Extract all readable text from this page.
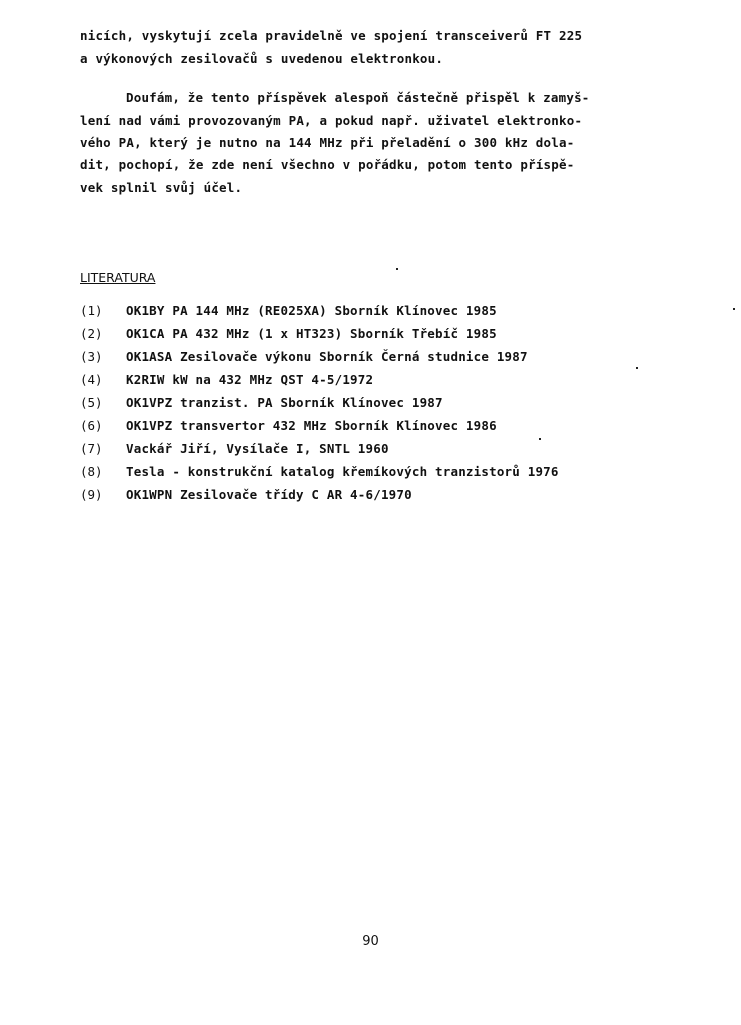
nicích, vyskytují zcela pravidelně ve spojení transceiverů FT 225
a výkonových zesilovačů s uvedenou elektronkou.
Doufám, že tento příspěvek alespoň částečně přispěl k zamyš-
lení nad vámi provozovaným PA, a pokud např. uživatel elektronko-
vého PA, který je nutno na 144 MHz při přeladění o 300 kHz dola-
dit, pochopí, že zde není všechno v pořádku, potom tento příspě-
vek splnil svůj účel.
LITERATURA
(1) OK1BY PA 144 MHz (RE025XA) Sborník Klínovec 1985
(2) OK1CA PA 432 MHz (1 x HT323) Sborník Třebíč 1985
(3) OK1ASA Zesilovače výkonu Sborník Černá studnice 1987
(4) K2RIW kW na 432 MHz QST 4-5/1972
(5) OK1VPZ tranzist. PA Sborník Klínovec 1987
(6) OK1VPZ transvertor 432 MHz Sborník Klínovec 1986
(7) Vackář Jiří, Vysílače I, SNTL 1960
(8) Tesla - konstrukční katalog křemíkových tranzistorů 1976
(9) OK1WPN Zesilovače třídy C AR 4-6/1970
90
